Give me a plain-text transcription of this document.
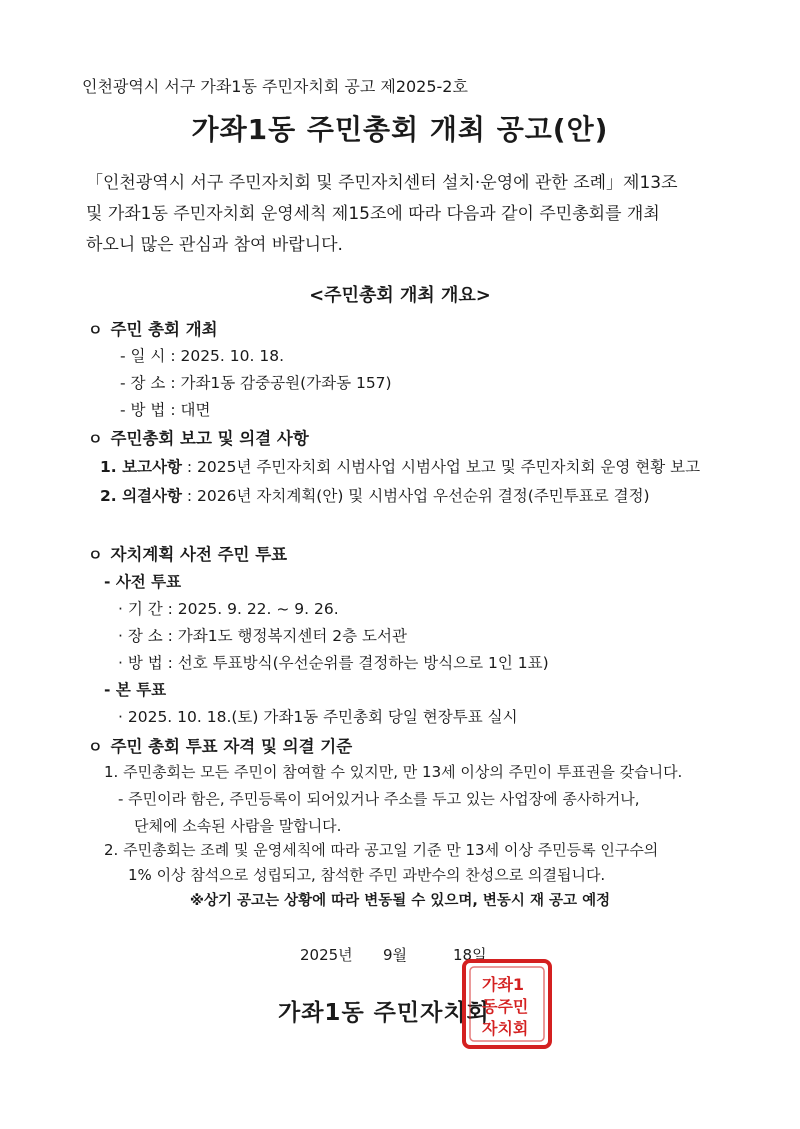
인천광역시 서구 가좌1동 주민자치회 공고 제2025-2호
가좌1동 주민총회 개최 공고(안)
「인천광역시 서구 주민자치회 및 주민자치센터 설치·운영에 관한 조례」제13조
및 가좌1동 주민자치회 운영세칙 제15조에 따라 다음과 같이 주민총회를 개최
하오니 많은 관심과 참여 바랍니다.
<주민총회 개최 개요>
ㅇ 주민 총회 개최
- 일 시 : 2025. 10. 18.
- 장 소 : 가좌1동 감중공원(가좌동 157)
- 방 법 : 대면
ㅇ 주민총회 보고 및 의결 사항
1. 보고사항 : 2025년 주민자치회 시범사업 시범사업 보고 및 주민자치회 운영 현황 보고
2. 의결사항 : 2026년 자치계획(안) 및 시범사업 우선순위 결정(주민투표로 결정)
ㅇ 자치계획 사전 주민 투표
- 사전 투표
· 기 간 : 2025. 9. 22. ~ 9. 26.
· 장 소 : 가좌1도 행정복지센터 2층 도서관
· 방 법 : 선호 투표방식(우선순위를 결정하는 방식으로 1인 1표)
- 본 투표
· 2025. 10. 18.(토) 가좌1동 주민총회 당일 현장투표 실시
ㅇ 주민 총회 투표 자격 및 의결 기준
1. 주민총회는 모든 주민이 참여할 수 있지만, 만 13세 이상의 주민이 투표권을 갖습니다.
- 주민이라 함은, 주민등록이 되어있거나 주소를 두고 있는 사업장에 종사하거나,
단체에 소속된 사람을 말합니다.
2. 주민총회는 조례 및 운영세칙에 따라 공고일 기준 만 13세 이상 주민등록 인구수의
1% 이상 참석으로 성립되고, 참석한 주민 과반수의 찬성으로 의결됩니다.
※상기 공고는 상황에 따라 변동될 수 있으며, 변동시 재 공고 예정
2025년 9월	18일
가좌1동 주민자치회
가좌1
동주민
자치회
